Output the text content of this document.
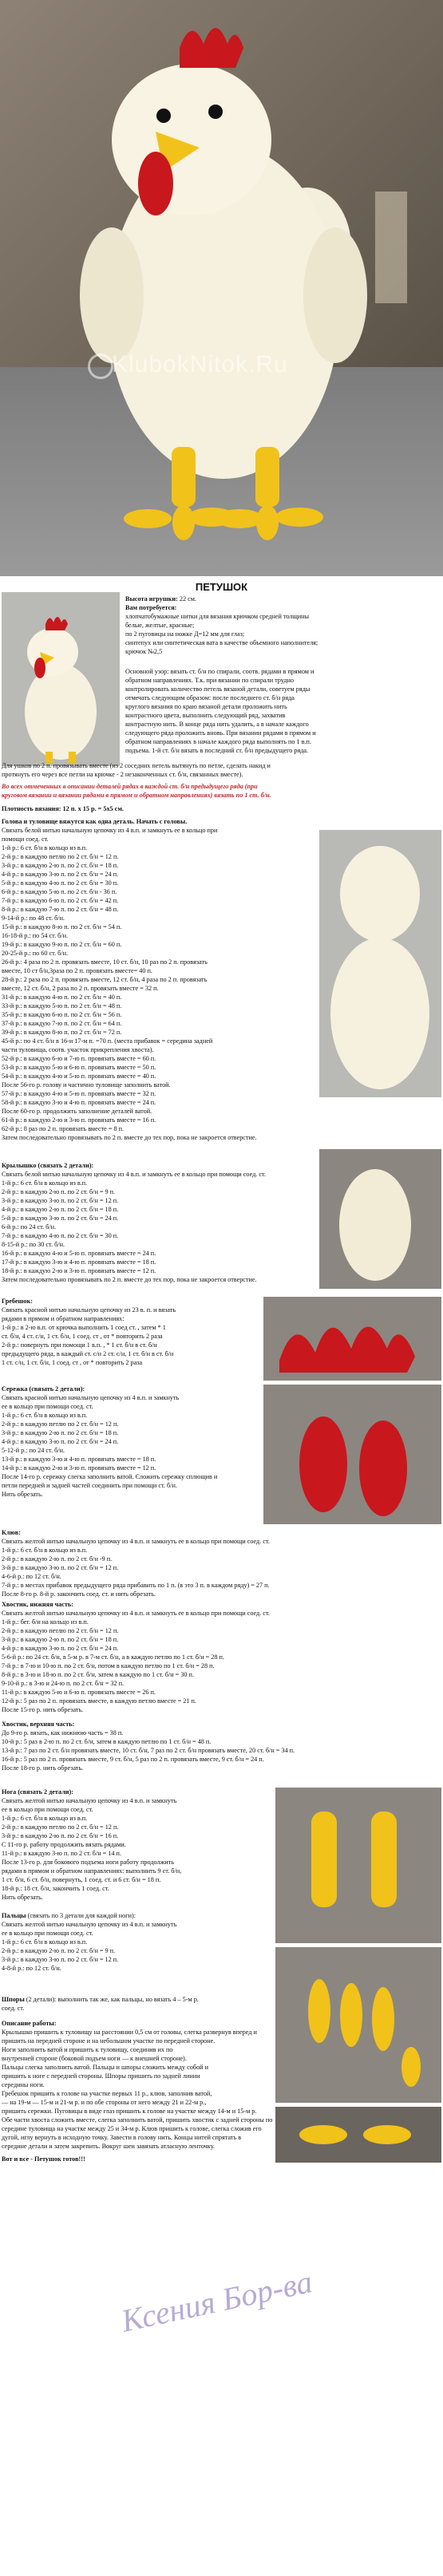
KlubokNitok.Ru
ПЕТУШОК
Высота игрушки: 22 см.
Вам потребуется:
хлопчатобумажные нитки для вязания крючком средней толщины
белые, желтые, красные;
по 2 пуговицы на ножке Д=12 мм для глаз;
синтепух или синтетическая вата в качестве объемного наполнителя;
крючок №2,5
Основной узор: вязать ст. б/н по спирали, соотв. рядами в прямом и
обратном направлениях. Т.к. при вязании по спирали трудно
контролировать количество петель вязаной детали, советуем ряды
отмечать следующим образом: после последнего ст. б/н ряда
круглого вязания по краю вязаной детали проложить нить
контрастного цвета, выполнить следующий ряд, захватив
контрастную нить. В конце ряда нить удалить, а в начале каждого
следующего ряда проложить вновь. При вязании рядами в прямом и
обратном направлениях в начале каждого ряда выполнять по 1 в.п.
подъема. 1-й ст. б/н вязать в последний ст. б/н предыдущего ряда.
Для ушков по 2 п. провязывать вместе (из 2 соседних петель вытянуть по петле, сделать накид и
протянуть его через все петли на крючке - 2 незаконченных ст. б/н, связанных вместе).
Во всех отмеченных в описании деталей рядах в каждой ст. б/н предыдущего ряда (при
круговом вязании и вязании рядами в прямом и обратном направлениях) вязать по 1 ст. б/н.
Плотность вязания: 12 п. х 15 р. = 5х5 см.
Голова и туловище вяжутся как одна деталь. Начать с головы.
Связать белой нитью начальную цепочку из 4 в.п. и замкнуть ее в кольцо при
помощи соед. ст.
1-й р.: 6 ст. б/н в кольцо из в.п.
2-й р.: в каждую петлю по 2 ст. б/н = 12 п.
3-й р.: в каждую 2-ю п. по 2 ст. б/н = 18 п.
4-й р.: в каждую 3-ю п. по 2 ст. б/н = 24 п.
5-й р.: в каждую 4-ю п. по 2 ст. б/н = 30 п.
6-й р.: в каждую 5-ю п. по 2 ст. б/н - 36 п.
7-й р.: в каждую 6-ю п. по 2 ст. б/н = 42 п.
8-й р.: в каждую 7-ю п. по 2 ст. б/н = 48 п.
9-14-й р.: по 48 ст. б/н.
15-й р.: в каждую 8-ю п. по 2 ст. б/н = 54 п.
16-18-й р.: по 54 ст. б/н.
19-й р.: в каждую 9-ю п. по 2 ст. б/н = 60 п.
20-25-й р.: по 60 ст. б/н.
26-й р.: 4 раза по 2 п. провязать вместе, 10 ст. б/н, 10 раз по 2 п. провязать
вместе, 10 ст б/н,3раза по 2 п. провязать вместе= 40 п.
28-й р.: 2 раза по 2 п. провязать вместе, 12 ст. б/н, 4 раза по 2 п. провязать
вместе, 12 ст. б/н, 2 раза по 2 п. провязать вместе = 32 п.
31-й р.: в каждую 4-ю п. по 2 ст. б/н = 40 п.
33-й р.: в каждую 5-ю п. по 2 ст. б/н = 48 п.
35-й р.: в каждую 6-ю п. по 2 ст. б/н = 56 п.
37-й р.: в каждую 7-ю п. по 2 ст. б/н = 64 п.
39-й р.: в каждую 8-ю п. по 2 ст. б/н = 72 п.
45-й р.: по 4 ст. б/н в 16-и 17-м п. =70 п. (места прибавок = середина задней
части туловища, соотв. участок прикрепления хвоста).
52-й р.: в каждую 6-ю и 7-ю п. провязать вместе = 60 п.
53-й р.: в каждую 5-ю и 6-ю п. провязать вместе = 50 п.
54-й р.: в каждую 4-ю и 5-ю п. провязать вместе = 40 п.
После 56-го р. голову и частично туловище заполнить ватой.
57-й р.: в каждую 4-ю и 5-ю п. провязать вместе = 32 п.
58-й р.: в каждую 3-ю и 4-ю п. провязать вместе = 24 п.
После 60-го р. продолжить заполнение деталей ватой.
61-й р.: в каждую 2-ю и 3-ю п. провязать вместе = 16 п.
62-й р.: 8 раз по 2 п. провязать вместе = 8 п.
Затем последовательно провязывать по 2 п. вместе до тех пор, пока не закроется отверстие.
Крылышко (связать 2 детали):
Связать белой нитью начальную цепочку из 4 в.п. и замкнуть ее в кольцо при помощи соед. ст.
1-й р.: 6 ст. б/н в кольцо из в.п.
2-й р.: в каждую 2-ю п. по 2 ст. б/н = 9 п.
3-й р.: в каждую 3-ю п. по 2 ст. б/н = 12 п.
4-й р.: в каждую 2-ю п. по 2 ст. б/н = 18 п.
5-й р.: в каждую 3-ю п. по 2 ст. б/н = 24 п.
6-й р.: по 24 ст. б/н.
7-й р.: в каждую 4-ю п. по 2 ст. б/н = 30 п.
8-15-й р.: по 30 ст. б/н.
16-й р.: в каждую 4-ю и 5-ю п. провязать вместе = 24 п.
17-й р.: в каждую 3-ю и 4-ю п. провязать вместе = 18 п.
18-й р.: в каждую 2-ю и 3-ю п. провязать вместе = 12 п.
Затем последовательно провязывать по 2 п. вместе до тех пор, пока не закроется отверстие.
Гребешок:
Связать красной нитью начальную цепочку из 23 в. п. и вязать
рядами в прямом и обратном направлениях:
1-й р.: в 2-ю в.п. от крючка выполнить 1 соед ст. , затем * 1
ст. б/н, 4 ст. с/н, 1 ст. б/н, 1 соед. ст , от * повторить 2 раза
2-й р.: повернуть при помощи 1 в.п. , * 1 ст. б/н в ст. б/н
предыдущего ряда, в каждый ст. с/н 2 ст. с/н, 1 ст. б/н в ст. б/н
1 ст. с/н, 1 ст. б/н, 1 соед. ст , от * повторить 2 раза
Сережка (связать 2 детали):
Связать красной нитью начальную цепочку из 4 в.п. и замкнуть
ее в кольцо при помощи соед. ст.
1-й р.: 6 ст. б/н в кольцо из в.п.
2-й р.: в каждую петлю по 2 ст. б/н = 12 п.
3-й р.: в каждую 2-ю п. по 2 ст. б/н = 18 п.
4-й р.: в каждую 3-ю п. по 2 ст. б/н = 24 п.
5-12-й р.: по 24 ст. б/н.
13-й р.: в каждую 3-ю и 4-ю п. провязать вместе = 18 п.
14-й р.: в каждую 2-ю и 3-ю п. провязать вместе = 12 п.
После 14-го р. сережку слегка заполнить ватой. Сложить сережку сплющив и
петли передней и задней частей соединить при помощи ст. б/н.
Нить обрезать.
Клюв:
Связать желтой нитью начальную цепочку из 4 в.п. и замкнуть ее в кольцо при помощи соед. ст.
1-й р.: 6 ст. б/н в кольцо из в.п.
2-й р.: в каждую 2-ю п. по 2 ст. б/н -9 п.
3-й р.: в каждую 3-ю п. по 2 ст. б/н = 12 п.
4-6-й р.: по 12 ст. б/н.
7-й р.: в местах прибавок предыдущего ряда прибавить по 1 п. (в это 3 п. в каждом ряду) = 27 п.
После 8-го р. 8-й р. закончить соед. ст. и нить обрезать.
Хвостик, нижняя часть:
Связать желтой нитью начальную цепочку из 4 в.п. и замкнуть ее в кольцо при помощи соед. ст.
1-й р.: бег. б/н на кольцо из в.п.
2-й р.: в каждую петлю по 2 ст. б/н = 12 п.
3-й р.: в каждую 2-ю п. по 2 ст. б/н = 18 п.
4-й р.: в каждую 3-ю п. по 2 ст. б/н = 24 п.
5-6-й р.: по 24 ст. б/н, в 5-м р. в 7-м ст. б/н, а в каждую петлю по 1 ст. б/н = 28 п.
7-й р.: в 7-ю и 10-ю п. по 2 ст. б/н, потом в каждую петлю по 1 ст. б/н = 28 п.
8-й р.: в 3-ю и 18-ю п. по 2 ст. б/н, затем в каждую по 1 ст. б/н = 30 п.
9-10-й р.: в 3-ю и 24-ю п. по 2 ст. б/н = 32 п.
11-й р.: в каждую 5-ю и 6-ю п. провязать вместе = 26 п.
12-й р.: 5 раз по 2 п. провязать вместе, в каждую петлю вместе = 21 п.
После 15-го р. нить обрезать.
Хвостик, верхняя часть:
До 9-го р. вязать, как нижнюю часть = 38 п.
10-й р.: 5 раз в 2-ю п. по 2 ст. б/н, затем в каждую петлю по 1 ст. б/н = 48 п.
13-й р.: 7 раз по 2 ст. б/н провязать вместе, 10 ст. б/н, 7 раз по 2 ст. б/н провязать вместе, 20 ст. б/н = 34 п.
16-й р.: 5 раз по 2 п. провязать вместе, 9 ст. б/н, 5 раз по 2 п. провязать вместе, 9 ст. б/н = 24 п.
После 18-го р. нить обрезать.
Нога (связать 2 детали):
Связать желтой нитью начальную цепочку из 4 в.п. и замкнуть
ее в кольцо при помощи соед. ст.
1-й р.: 6 ст. б/н в кольцо из в.п.
2-й р.: в каждую петлю по 2 ст. б/н = 12 п.
3-й р.: в каждую 2-ю п. по 2 ст. б/н = 16 п.
С 11-го р. работу продолжить вязать рядами.
11-й р.: в каждую 3-ю п. по 2 ст. б/н = 14 п.
После 13-го р. для бокового подъема ноги работу продолжить
рядами в прямом и обратном направлениях: выполнить 9 ст. б/н,
1 ст. б/н, 6 ст. б/н, повернуть, 1 соед. ст. и 6 ст. б/н = 18 п.
18-й р.: 18 ст. б/н, закончить 1 соед. ст.
Нить обрезать.
Пальцы (связать по 3 детали для каждой ноги):
Связать желтой нитью начальную цепочку из 4 в.п. и замкнуть
ее в кольцо при помощи соед. ст.
1-й р.: 6 ст. б/н в кольцо из в.п.
2-й р.: в каждую 2-ю п. по 2 ст. б/н = 9 п.
3-й р.: в каждую 3-ю п. по 2 ст. б/н = 12 п.
4-8-й р.: по 12 ст. б/н.

Шпоры (2 детали): выполнить так же, как пальцы, но вязать 4 – 5-м р.
соед. ст.
Описание работы:
Крылышко пришить к туловищу на расстоянии 0,5 см от головы, слегка развернув вперед и
пришить на передней стороне и на небольшом участке по передней стороне.
Ноги заполнить ватой и пришить к туловищу, соединив их по
внутренней стороне (боковой подъем ноги — к внешней стороне).
Пальцы слегка заполнить ватой. Пальцы и шпоры сложить между собой и
пришить к ноге с передней стороны. Шпоры пришить по задней линии
середины ноги.
Гребешок пришить к голове на участке первых 11 р., клюв, заполнив ватой,
— на 19-м — 15-м и 21-м р. и по обе стороны от него между 21 и 22-м р.,
пришить сережки. Пуговицы в виде глаз пришить к голове на участке между 14-м и 15-м р.
Обе части хвоста сложить вместе, слегка заполнить ватой, пришить хвостик с задней стороны по
середине туловища на участке между 25 и 34-м р. Клюв пришить к голове, слегка сложив его
дугой, иглу вернуть в исходную точку. Завести в голову нить. Концы нитей спрятать в
середине детали и затем закрепить. Вокруг шеи завязать атласную ленточку.
Ксения Бор-ва
Вот и все - Петушок готов!!!
